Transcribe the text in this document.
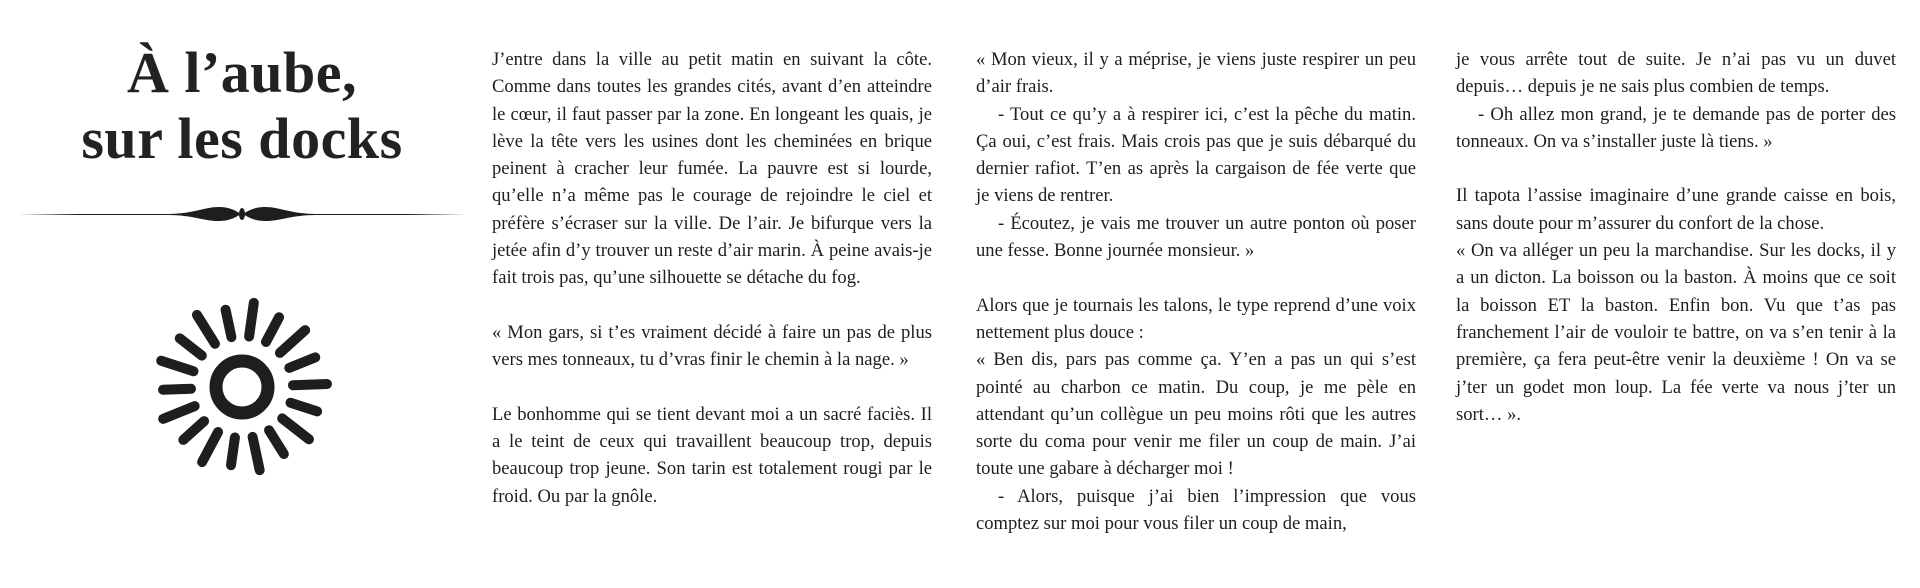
À l’aube,
sur les docks

J’entre dans la ville au petit matin en suivant la côte. Comme dans toutes les grandes cités, avant d’en atteindre le cœur, il faut passer par la zone. En longeant les quais, je lève la tête vers les usines dont les cheminées en brique peinent à cracher leur fumée. La pauvre est si lourde, qu’elle n’a même pas le courage de rejoindre le ciel et préfère s’écraser sur la ville. De l’air. Je bifurque vers la jetée afin d’y trouver un reste d’air marin. À peine avais-je fait trois pas, qu’une silhouette se détache du fog.

« Mon gars, si t’es vraiment décidé à faire un pas de plus vers mes tonneaux, tu d’vras finir le chemin à la nage. »

Le bonhomme qui se tient devant moi a un sacré faciès. Il a le teint de ceux qui travaillent beaucoup trop, depuis beaucoup trop jeune. Son tarin est totalement rougi par le froid. Ou par la gnôle.

« Mon vieux, il y a méprise, je viens juste respirer un peu d’air frais.

- Tout ce qu’y a à respirer ici, c’est la pêche du matin. Ça oui, c’est frais. Mais crois pas que je suis débarqué du dernier rafiot. T’en as après la cargaison de fée verte que je viens de rentrer.

- Écoutez, je vais me trouver un autre ponton où poser une fesse. Bonne journée monsieur. »

Alors que je tournais les talons, le type reprend d’une voix nettement plus douce :

« Ben dis, pars pas comme ça. Y’en a pas un qui s’est pointé au charbon ce matin. Du coup, je me pèle en attendant qu’un collègue un peu moins rôti que les autres sorte du coma pour venir me filer un coup de main. J’ai toute une gabare à décharger moi !

- Alors, puisque j’ai bien l’impression que vous comptez sur moi pour vous filer un coup de main,

je vous arrête tout de suite. Je n’ai pas vu un duvet depuis… depuis je ne sais plus combien de temps.

- Oh allez mon grand, je te demande pas de porter des tonneaux. On va s’installer juste là tiens. »

Il tapota l’assise imaginaire d’une grande caisse en bois, sans doute pour m’assurer du confort de la chose.

« On va alléger un peu la marchandise. Sur les docks, il y a un dicton. La boisson ou la baston. À moins que ce soit la boisson ET la baston. Enfin bon. Vu que t’as pas franchement l’air de vouloir te battre, on va s’en tenir à la première, ça fera peut-être venir la deuxième ! On va se j’ter un godet mon loup. La fée verte va nous j’ter un sort… ».
